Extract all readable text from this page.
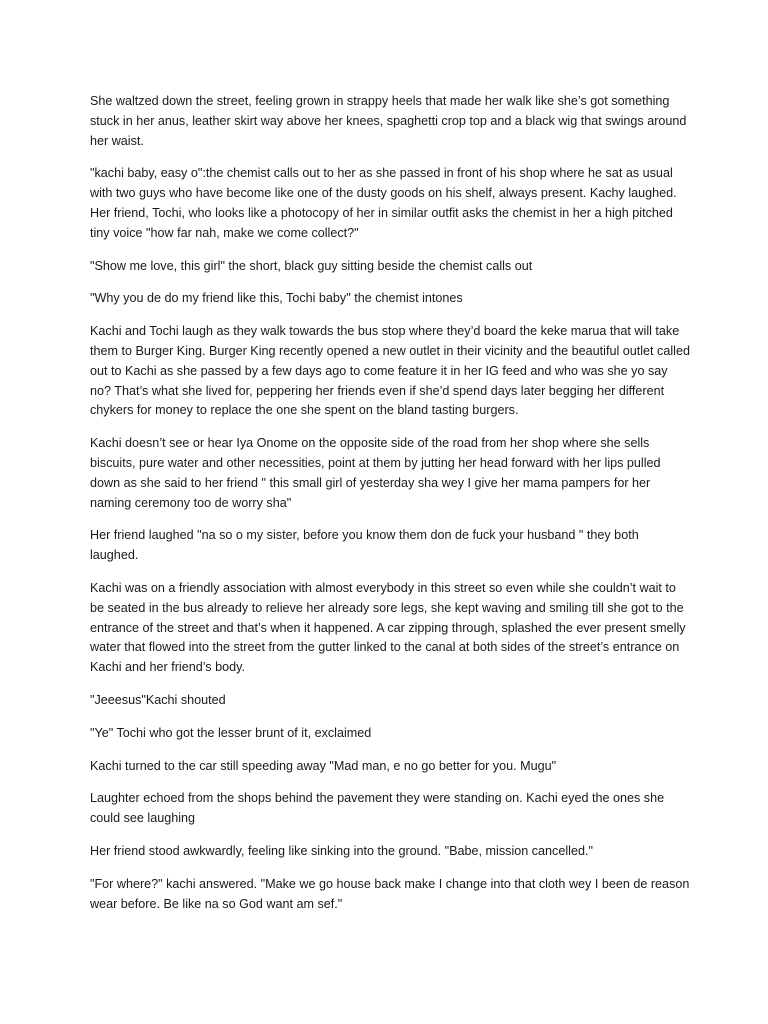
She waltzed down the street, feeling grown in strappy heels that made her walk like she’s got something stuck in her anus, leather skirt way above her knees, spaghetti crop top and a black wig that swings around her waist.

"kachi baby, easy o":the chemist calls out to her as she passed in front of his shop where he sat as usual with two guys who have become like one of the dusty goods on his shelf, always present. Kachy laughed. Her friend, Tochi, who looks like a photocopy of her in similar outfit asks the chemist in her a high pitched tiny voice "how far nah, make we come collect?"

"Show me love, this girl" the short, black guy sitting beside the chemist calls out

"Why you de do my friend like this, Tochi baby" the chemist intones

Kachi and Tochi laugh as they walk towards the bus stop where they’d board the keke marua that will take them to Burger King. Burger King recently opened a new outlet in their vicinity and the beautiful outlet called out to Kachi as she passed by a few days ago to come feature it in her IG feed and who was she yo say no? That’s what she lived for, peppering her friends even if she’d spend days later begging her different chykers for money to replace the one she spent on the bland tasting burgers.

Kachi doesn’t see or hear Iya Onome on the opposite side of the road from her shop where she sells biscuits, pure water and other necessities, point at them by jutting her head forward with her lips pulled down as she said to her friend " this small girl of yesterday sha wey I give her mama pampers for her naming ceremony too de worry sha"

Her friend laughed "na so o my sister, before you know them don de fuck your husband " they both laughed.

Kachi was on a friendly association with almost everybody in this street so even while she couldn’t wait to be seated in the bus already to relieve her already sore legs, she kept waving and smiling till she got to the entrance of the street and that’s when it happened. A car zipping through, splashed the ever present smelly water that flowed into the street from the gutter linked to the canal at both sides of the street’s entrance on Kachi and her friend’s body.

"Jeeesus"Kachi shouted

"Ye" Tochi who got the lesser brunt of it, exclaimed

Kachi turned to the car still speeding away "Mad man, e no go better for you. Mugu"

Laughter echoed from the shops behind the pavement they were standing on. Kachi eyed the ones she could see laughing

Her friend stood awkwardly, feeling like sinking into the ground. "Babe, mission cancelled."

"For where?" kachi answered. "Make we go house back make I change into that cloth wey I been de reason wear before. Be like na so God want am sef."
